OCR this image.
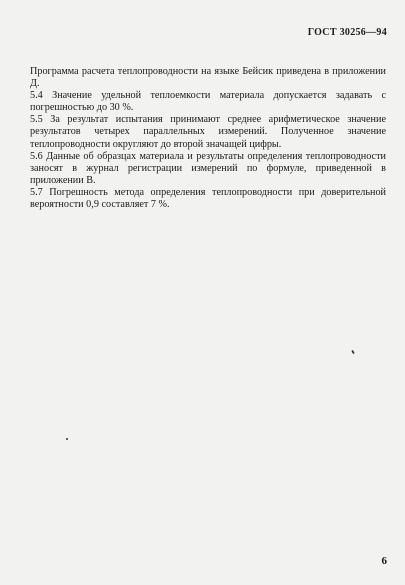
ГОСТ 30256—94

Программа расчета теплопроводности на языке Бейсик приведена в приложении Д.

5.4 Значение удельной теплоемкости материала допускается задавать с погрешностью до 30 %.

5.5 За результат испытания принимают среднее арифметическое значение результатов четырех параллельных измерений. Полученное значение теплопроводности округляют до второй значащей цифры.

5.6 Данные об образцах материала и результаты определения теплопроводности заносят в журнал регистрации измерений по формуле, приведенной в приложении В.

5.7 Погрешность метода определения теплопроводности при доверительной вероятности 0,9 составляет 7 %.

6
